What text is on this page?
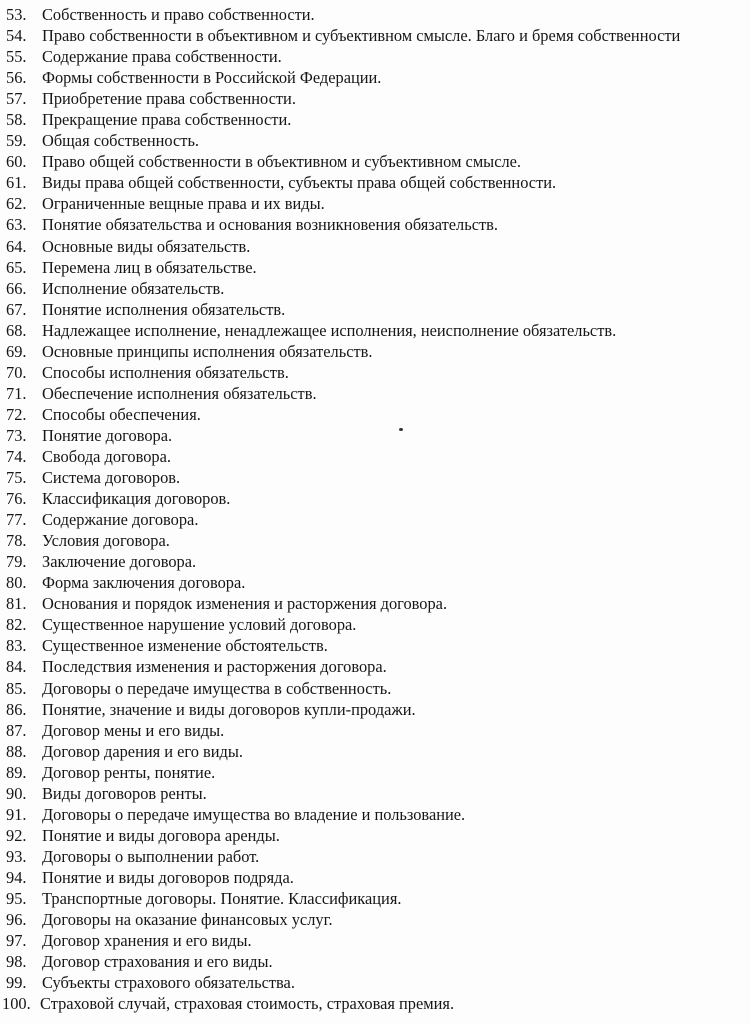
53. Собственность и право собственности.
54. Право собственности в объективном и субъективном смысле. Благо и бремя собственности
55. Содержание права собственности.
56. Формы собственности в Российской Федерации.
57. Приобретение права собственности.
58. Прекращение права собственности.
59. Общая собственность.
60. Право общей собственности в объективном и субъективном смысле.
61. Виды права общей собственности, субъекты права общей собственности.
62. Ограниченные вещные права и их виды.
63. Понятие обязательства и основания возникновения обязательств.
64. Основные виды обязательств.
65. Перемена лиц в обязательстве.
66. Исполнение обязательств.
67. Понятие исполнения обязательств.
68. Надлежащее исполнение, ненадлежащее исполнения, неисполнение обязательств.
69. Основные принципы исполнения обязательств.
70. Способы исполнения обязательств.
71. Обеспечение исполнения обязательств.
72. Способы обеспечения.
73. Понятие договора.
74. Свобода договора.
75. Система договоров.
76. Классификация договоров.
77. Содержание договора.
78. Условия договора.
79. Заключение договора.
80. Форма заключения договора.
81. Основания и порядок изменения и расторжения договора.
82. Существенное нарушение условий договора.
83. Существенное изменение обстоятельств.
84. Последствия изменения и расторжения договора.
85. Договоры о передаче имущества в собственность.
86. Понятие, значение и виды договоров купли-продажи.
87. Договор мены и его виды.
88. Договор дарения и его виды.
89. Договор ренты, понятие.
90. Виды договоров ренты.
91. Договоры о передаче имущества во владение и пользование.
92. Понятие и виды договора аренды.
93. Договоры о выполнении работ.
94. Понятие и виды договоров подряда.
95. Транспортные договоры. Понятие. Классификация.
96. Договоры на оказание финансовых услуг.
97. Договор хранения и его виды.
98. Договор страхования и его виды.
99. Субъекты страхового обязательства.
100. Страховой случай, страховая стоимость, страховая премия.
